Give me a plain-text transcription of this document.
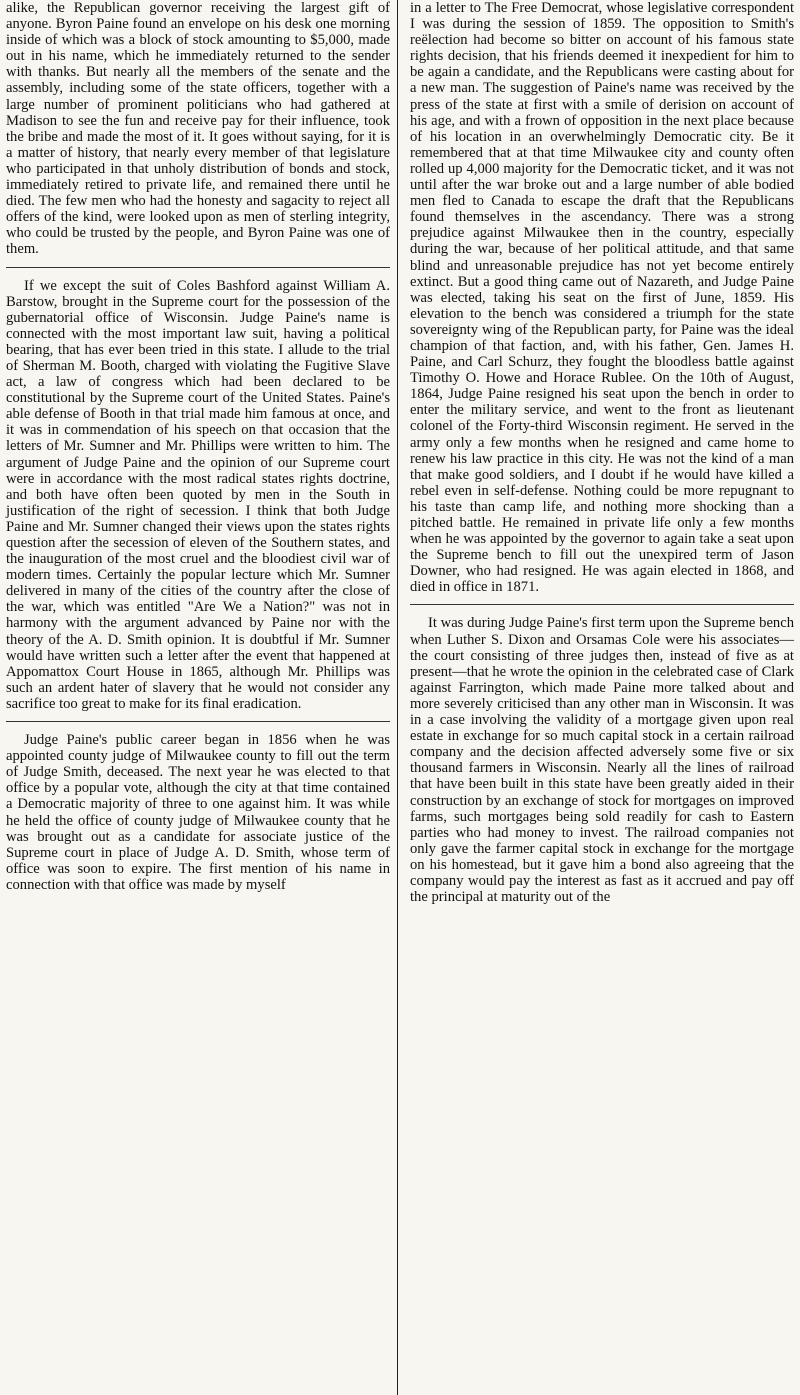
alike, the Republican governor receiving the largest gift of anyone. Byron Paine found an envelope on his desk one morning inside of which was a block of stock amounting to $5,000, made out in his name, which he immediately returned to the sender with thanks. But nearly all the members of the senate and the assembly, including some of the state officers, together with a large number of prominent politicians who had gathered at Madison to see the fun and receive pay for their influence, took the bribe and made the most of it. It goes without saying, for it is a matter of history, that nearly every member of that legislature who participated in that unholy distribution of bonds and stock, immediately retired to private life, and remained there until he died. The few men who had the honesty and sagacity to reject all offers of the kind, were looked upon as men of sterling integrity, who could be trusted by the people, and Byron Paine was one of them.

If we except the suit of Coles Bashford against William A. Barstow, brought in the Supreme court for the possession of the gubernatorial office of Wisconsin. Judge Paine's name is connected with the most important law suit, having a political bearing, that has ever been tried in this state. I allude to the trial of Sherman M. Booth, charged with violating the Fugitive Slave act, a law of congress which had been declared to be constitutional by the Supreme court of the United States. Paine's able defense of Booth in that trial made him famous at once, and it was in commendation of his speech on that occasion that the letters of Mr. Sumner and Mr. Phillips were written to him. The argument of Judge Paine and the opinion of our Supreme court were in accordance with the most radical states rights doctrine, and both have often been quoted by men in the South in justification of the right of secession. I think that both Judge Paine and Mr. Sumner changed their views upon the states rights question after the secession of eleven of the Southern states, and the inauguration of the most cruel and the bloodiest civil war of modern times. Certainly the popular lecture which Mr. Sumner delivered in many of the cities of the country after the close of the war, which was entitled "Are We a Nation?" was not in harmony with the argument advanced by Paine nor with the theory of the A. D. Smith opinion. It is doubtful if Mr. Sumner would have written such a letter after the event that happened at Appomattox Court House in 1865, although Mr. Phillips was such an ardent hater of slavery that he would not consider any sacrifice too great to make for its final eradication.

Judge Paine's public career began in 1856 when he was appointed county judge of Milwaukee county to fill out the term of Judge Smith, deceased. The next year he was elected to that office by a popular vote, although the city at that time contained a Democratic majority of three to one against him. It was while he held the office of county judge of Milwaukee county that he was brought out as a candidate for associate justice of the Supreme court in place of Judge A. D. Smith, whose term of office was soon to expire. The first mention of his name in connection with that office was made by myself

in a letter to The Free Democrat, whose legislative correspondent I was during the session of 1859. The opposition to Smith's reëlection had become so bitter on account of his famous state rights decision, that his friends deemed it inexpedient for him to be again a candidate, and the Republicans were casting about for a new man. The suggestion of Paine's name was received by the press of the state at first with a smile of derision on account of his age, and with a frown of opposition in the next place because of his location in an overwhelmingly Democratic city. Be it remembered that at that time Milwaukee city and county often rolled up 4,000 majority for the Democratic ticket, and it was not until after the war broke out and a large number of able bodied men fled to Canada to escape the draft that the Republicans found themselves in the ascendancy. There was a strong prejudice against Milwaukee then in the country, especially during the war, because of her political attitude, and that same blind and unreasonable prejudice has not yet become entirely extinct. But a good thing came out of Nazareth, and Judge Paine was elected, taking his seat on the first of June, 1859. His elevation to the bench was considered a triumph for the state sovereignty wing of the Republican party, for Paine was the ideal champion of that faction, and, with his father, Gen. James H. Paine, and Carl Schurz, they fought the bloodless battle against Timothy O. Howe and Horace Rublee. On the 10th of August, 1864, Judge Paine resigned his seat upon the bench in order to enter the military service, and went to the front as lieutenant colonel of the Forty-third Wisconsin regiment. He served in the army only a few months when he resigned and came home to renew his law practice in this city. He was not the kind of a man that make good soldiers, and I doubt if he would have killed a rebel even in self-defense. Nothing could be more repugnant to his taste than camp life, and nothing more shocking than a pitched battle. He remained in private life only a few months when he was appointed by the governor to again take a seat upon the Supreme bench to fill out the unexpired term of Jason Downer, who had resigned. He was again elected in 1868, and died in office in 1871.

It was during Judge Paine's first term upon the Supreme bench when Luther S. Dixon and Orsamas Cole were his associates—the court consisting of three judges then, instead of five as at present—that he wrote the opinion in the celebrated case of Clark against Farrington, which made Paine more talked about and more severely criticised than any other man in Wisconsin. It was in a case involving the validity of a mortgage given upon real estate in exchange for so much capital stock in a certain railroad company and the decision affected adversely some five or six thousand farmers in Wisconsin. Nearly all the lines of railroad that have been built in this state have been greatly aided in their construction by an exchange of stock for mortgages on improved farms, such mortgages being sold readily for cash to Eastern parties who had money to invest. The railroad companies not only gave the farmer capital stock in exchange for the mortgage on his homestead, but it gave him a bond also agreeing that the company would pay the interest as fast as it accrued and pay off the principal at maturity out of the
